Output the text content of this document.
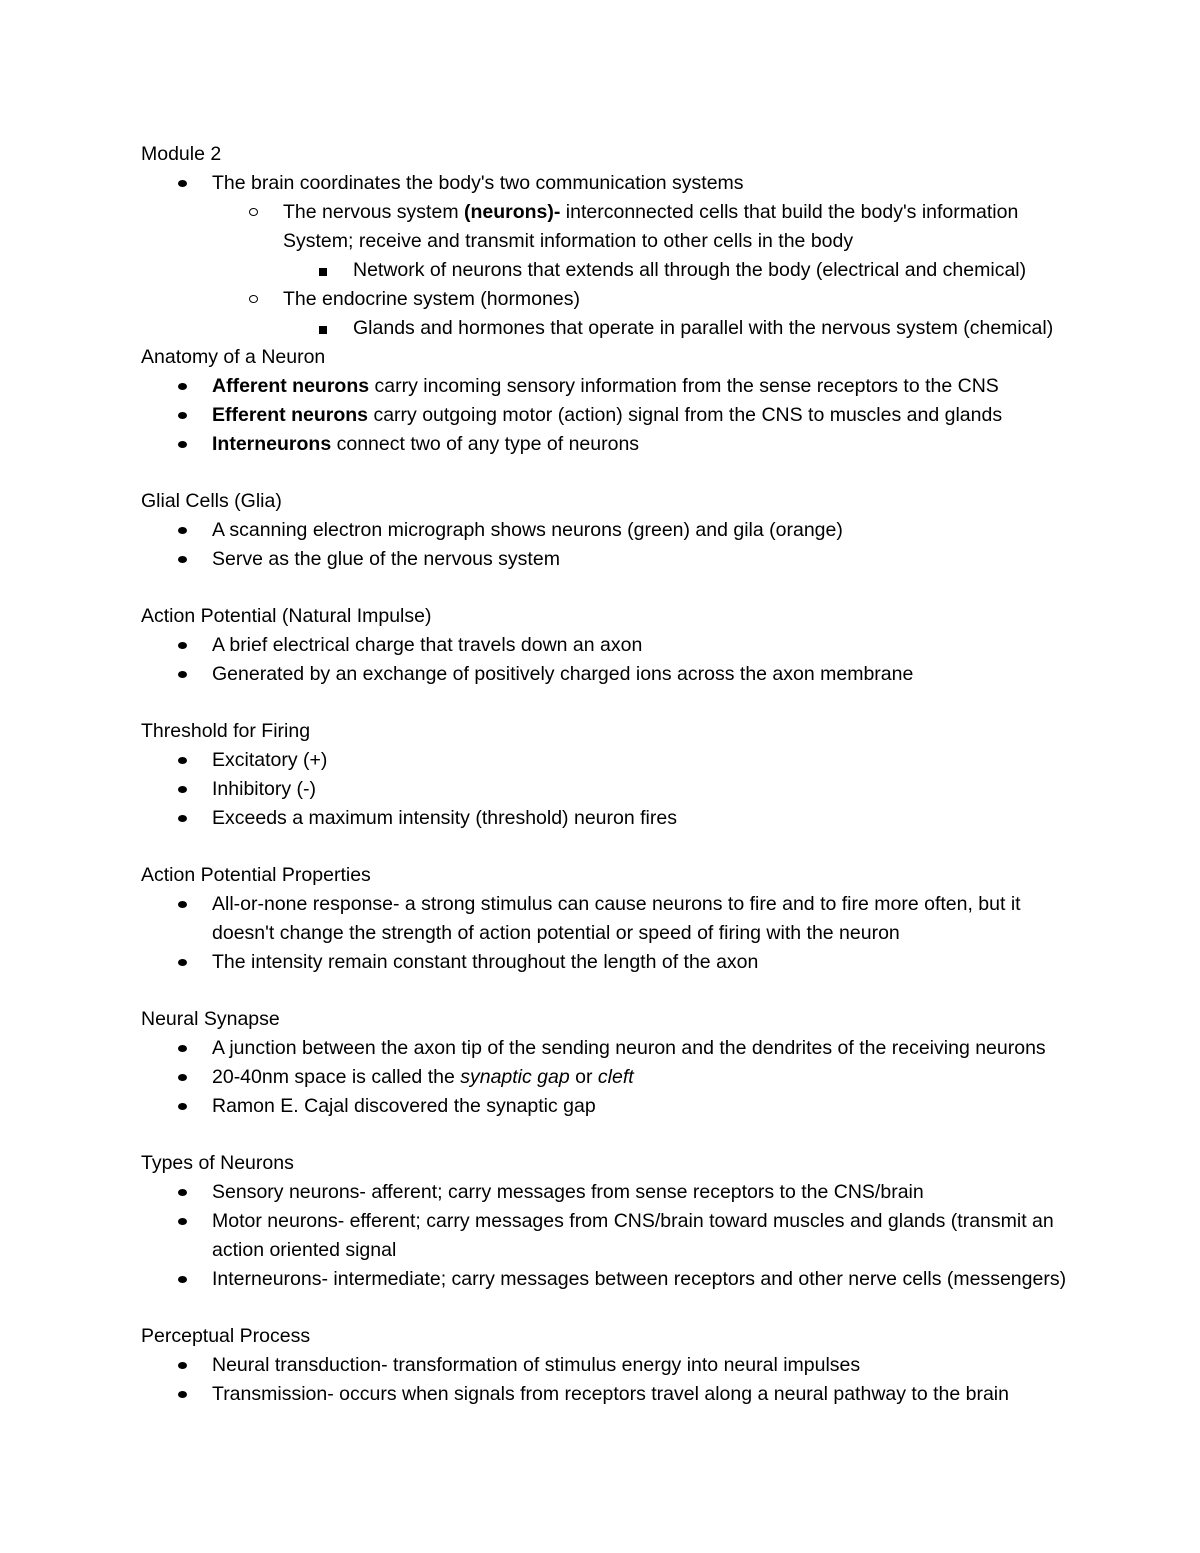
Module 2
The brain coordinates the body's two communication systems
The nervous system (neurons)- interconnected cells that build the body's information
System; receive and transmit information to other cells in the body
Network of neurons that extends all through the body (electrical and chemical)
The endocrine system (hormones)
Glands and hormones that operate in parallel with the nervous system (chemical)
Anatomy of a Neuron
Afferent neurons carry incoming sensory information from the sense receptors to the CNS
Efferent neurons carry outgoing motor (action) signal from the CNS to muscles and glands
Interneurons connect two of any type of neurons
Glial Cells (Glia)
A scanning electron micrograph shows neurons (green) and gila (orange)
Serve as the glue of the nervous system
Action Potential (Natural Impulse)
A brief electrical charge that travels down an axon
Generated by an exchange of positively charged ions across the axon membrane
Threshold for Firing
Excitatory (+)
Inhibitory (-)
Exceeds a maximum intensity (threshold) neuron fires
Action Potential Properties
All-or-none response- a strong stimulus can cause neurons to fire and to fire more often, but it
doesn't change the strength of action potential or speed of firing with the neuron
The intensity remain constant throughout the length of the axon
Neural Synapse
A junction between the axon tip of the sending neuron and the dendrites of the receiving neurons
20-40nm space is called the synaptic gap or cleft
Ramon E. Cajal discovered the synaptic gap
Types of Neurons
Sensory neurons- afferent; carry messages from sense receptors to the CNS/brain
Motor neurons- efferent; carry messages from CNS/brain toward muscles and glands (transmit an
action oriented signal
Interneurons- intermediate; carry messages between receptors and other nerve cells (messengers)
Perceptual Process
Neural transduction- transformation of stimulus energy into neural impulses
Transmission- occurs when signals from receptors travel along a neural pathway to the brain
